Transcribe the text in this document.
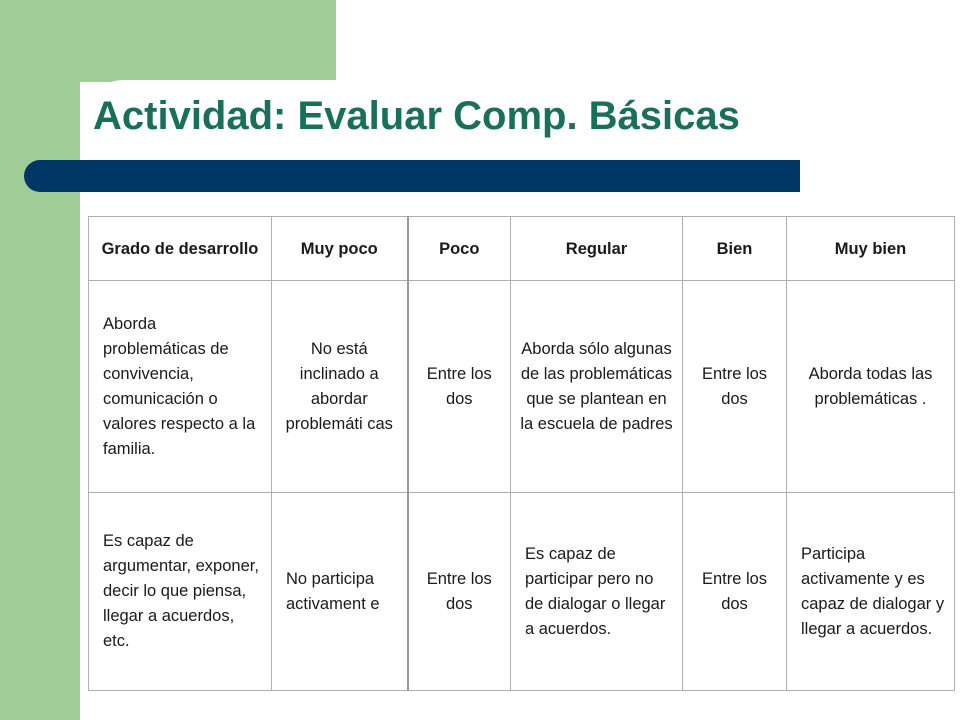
Actividad: Evaluar Comp. Básicas
Grado de desarrollo	Muy poco	Poco	Regular	Bien	Muy bien
Aborda problemáticas de convivencia, comunicación o valores respecto a la familia.	No está inclinado a abordar problemáti cas	Entre los dos	Aborda sólo algunas de las problemáticas que se plantean en la escuela de padres	Entre los dos	Aborda todas las problemáticas .
Es capaz de argumentar, exponer, decir lo que piensa, llegar a acuerdos, etc.	No participa activament e	Entre los dos	Es capaz de participar pero no de dialogar o llegar a acuerdos.	Entre los dos	Participa activamente y es capaz de dialogar y llegar a acuerdos.
